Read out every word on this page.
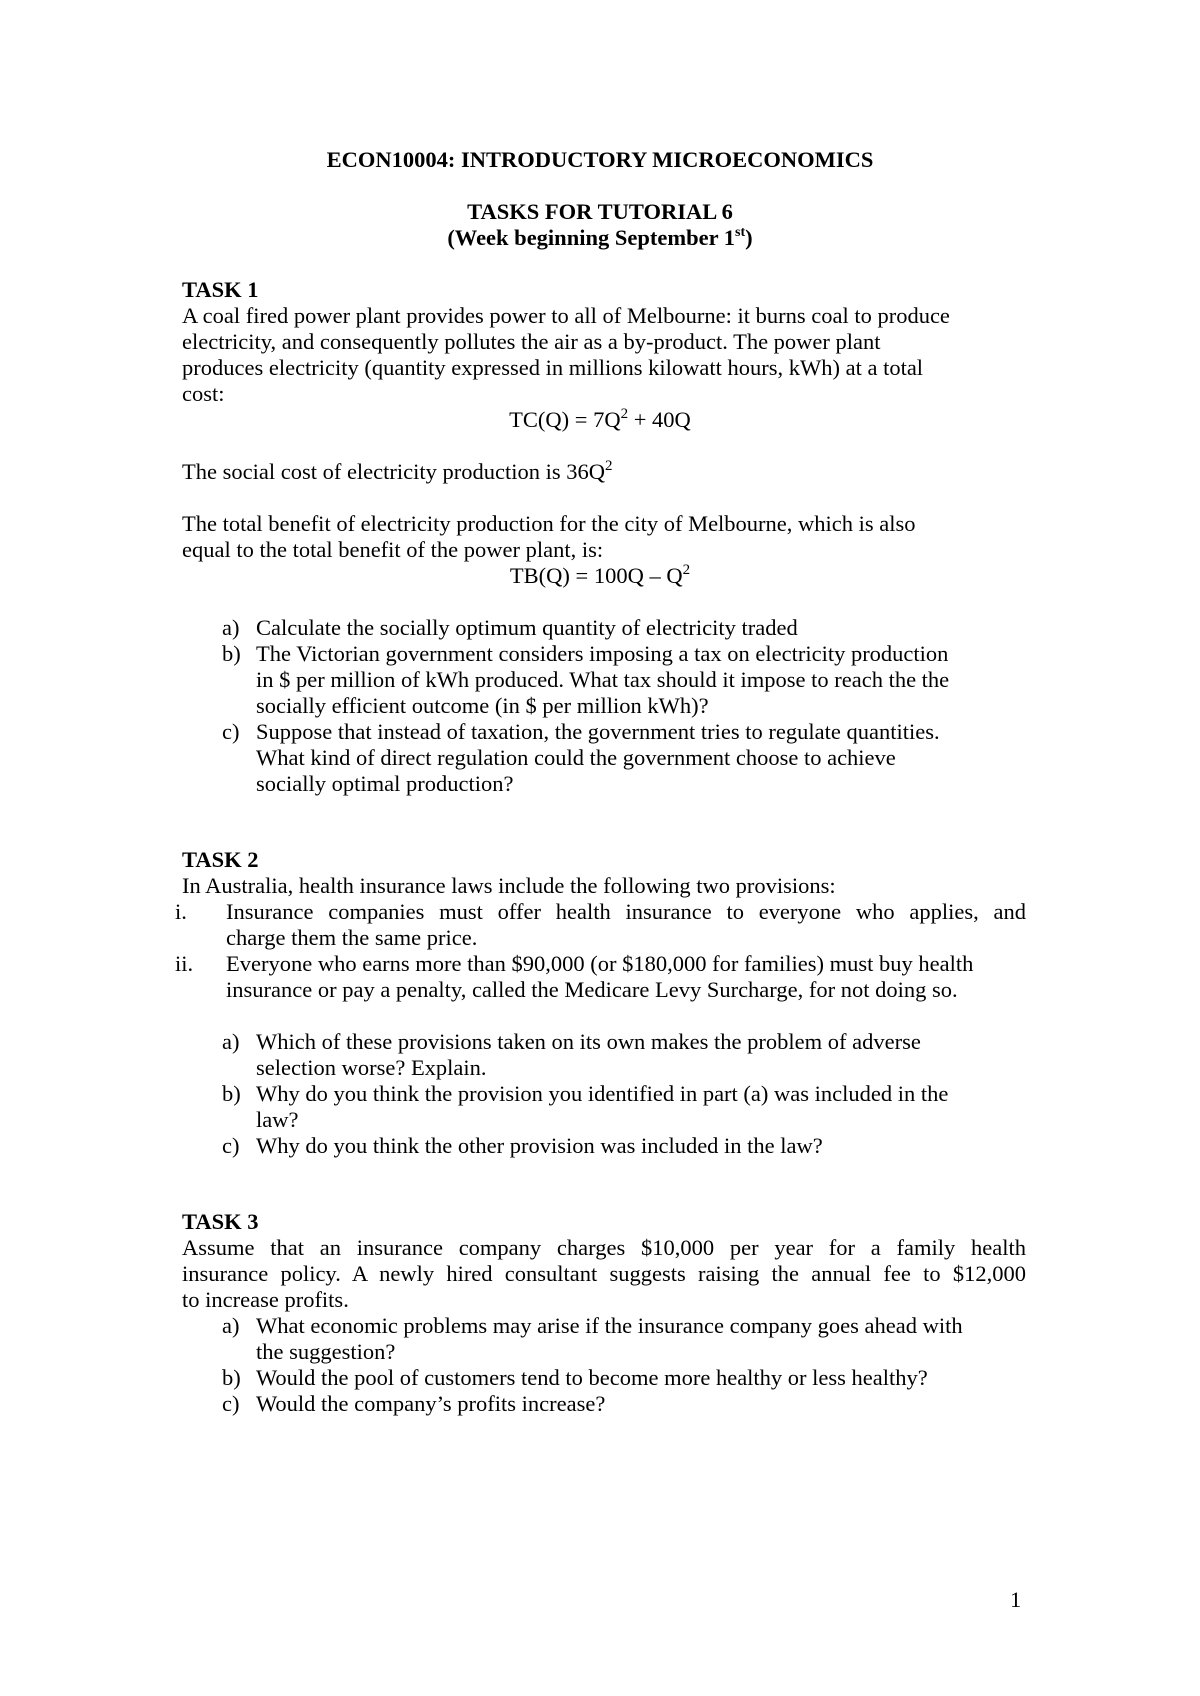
ECON10004: INTRODUCTORY MICROECONOMICS
TASKS FOR TUTORIAL 6
(Week beginning September 1st)
TASK 1
A coal fired power plant provides power to all of Melbourne: it burns coal to produce
electricity, and consequently pollutes the air as a by-product. The power plant
produces electricity (quantity expressed in millions kilowatt hours, kWh) at a total
cost:
$TC(Q) = 7Q^2 + 40Q$
The social cost of electricity production is $36Q^2$
The total benefit of electricity production for the city of Melbourne, which is also
equal to the total benefit of the power plant, is:
$TB(Q) = 100Q - Q^2$
a) Calculate the socially optimum quantity of electricity traded
b) The Victorian government considers imposing a tax on electricity production
in $ per million of kWh produced. What tax should it impose to reach the the
socially efficient outcome (in $ per million kWh)?
c) Suppose that instead of taxation, the government tries to regulate quantities.
What kind of direct regulation could the government choose to achieve
socially optimal production?
TASK 2
In Australia, health insurance laws include the following two provisions:
i. Insurance companies must offer health insurance to everyone who applies, and
charge them the same price.
ii. Everyone who earns more than $90,000 (or $180,000 for families) must buy health
insurance or pay a penalty, called the Medicare Levy Surcharge, for not doing so.
a) Which of these provisions taken on its own makes the problem of adverse
selection worse? Explain.
b) Why do you think the provision you identified in part (a) was included in the
law?
c) Why do you think the other provision was included in the law?
TASK 3
Assume that an insurance company charges $10,000 per year for a family health
insurance policy. A newly hired consultant suggests raising the annual fee to $12,000
to increase profits.
a) What economic problems may arise if the insurance company goes ahead with
the suggestion?
b) Would the pool of customers tend to become more healthy or less healthy?
c) Would the company’s profits increase?
1
